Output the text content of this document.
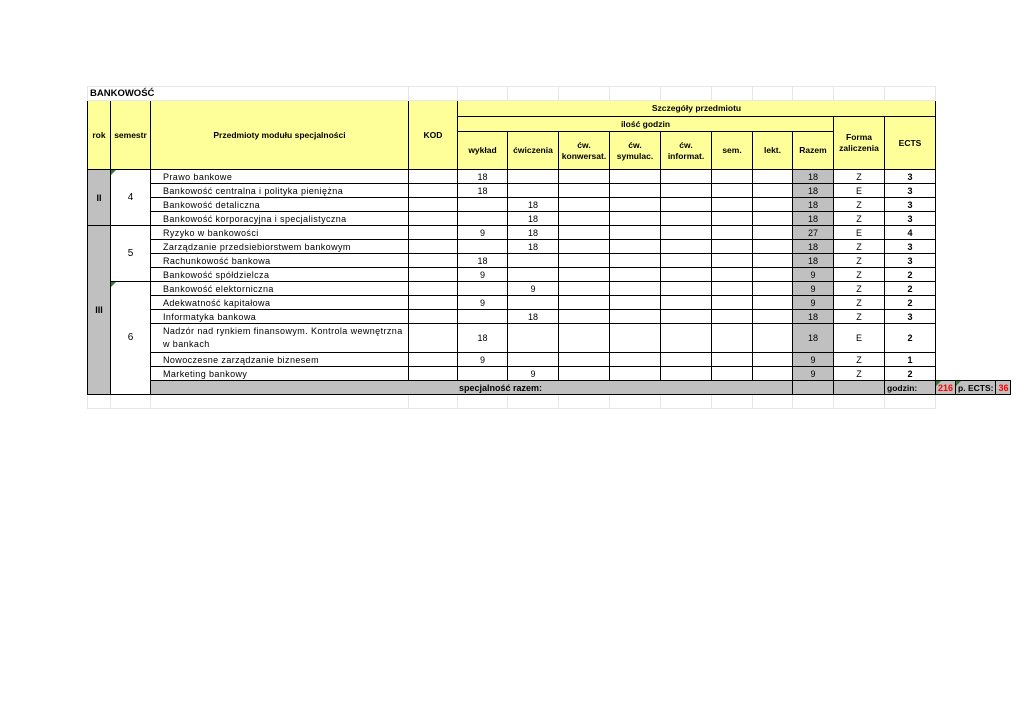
BANKOWOŚĆ																
rok	semestr	Przedmioty modułu specjalności	KOD	Szczegóły przedmiotu												
				ilość godzin								Forma zaliczenia	ECTS			
				wykład	ćwiczenia	ćw. konwersat.	ćw. symulac.	ćw. informat.	sem.	lekt.	Razem					

II	4	Prawo bankowe		18							18	Z	3			
		Bankowość centralna i polityka pieniężna		18							18	E	3			
		Bankowość detaliczna			18						18	Z	3			
		Bankowość korporacyjna i specjalistyczna			18						18	Z	3			
III	5	Ryzyko w bankowości		9	18						27	E	4			
		Zarządzanie przedsiebiorstwem bankowym			18						18	Z	3			
		Rachunkowość bankowa		18							18	Z	3			
		Bankowość spółdzielcza		9							9	Z	2			
	6	Bankowość elektorniczna			9						9	Z	2			
		Adekwatność kapitałowa		9							9	Z	2			
		Informatyka bankowa			18						18	Z	3			
		Nadzór nad rynkiem finansowym. Kontrola wewnętrzna w bankach		18							18	E	2			
		Nowoczesne zarządzanie biznesem		9							9	Z	1			
		Marketing bankowy			9						9	Z	2			
		specjalność razem:											godzin:	216	p. ECTS:	36
